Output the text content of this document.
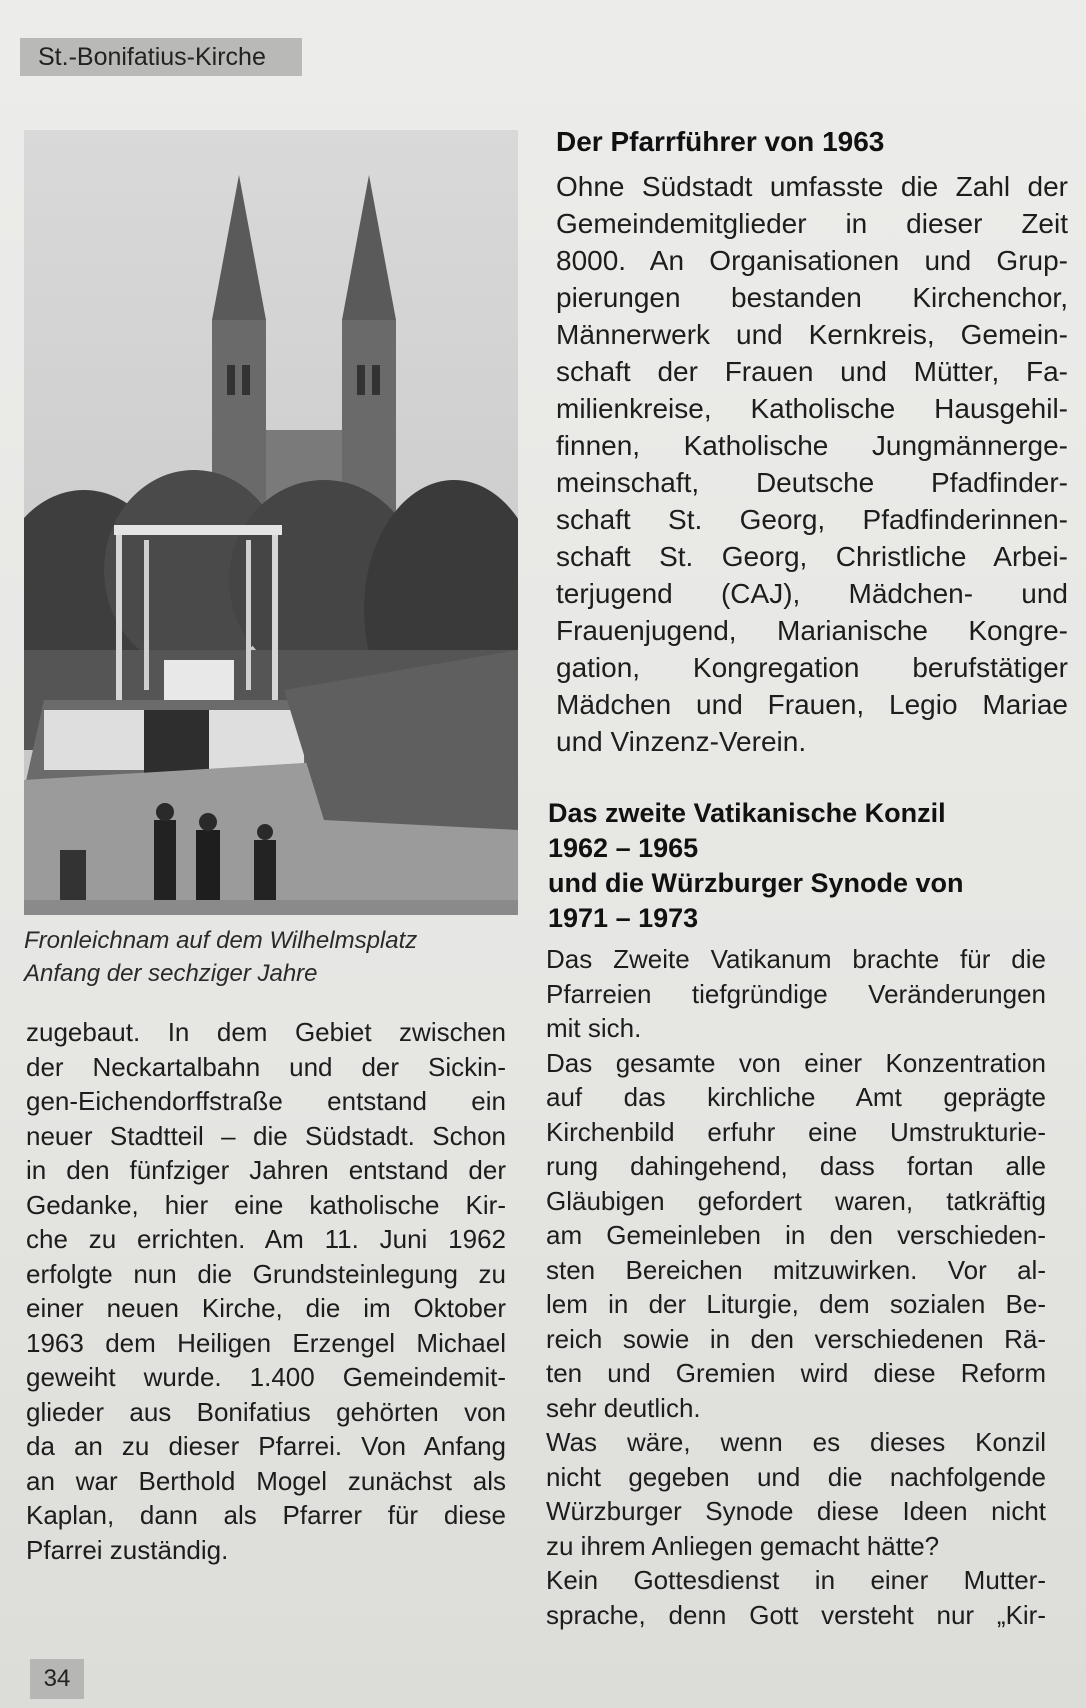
St.-Bonifatius-Kirche
Fronleichnam auf dem Wilhelmsplatz
Anfang der sechziger Jahre
zugebaut. In dem Gebiet zwischen
der Neckartalbahn und der Sickin-
gen-Eichendorffstraße entstand ein
neuer Stadtteil – die Südstadt. Schon
in den fünfziger Jahren entstand der
Gedanke, hier eine katholische Kir-
che zu errichten. Am 11. Juni 1962
erfolgte nun die Grundsteinlegung zu
einer neuen Kirche, die im Oktober
1963 dem Heiligen Erzengel Michael
geweiht wurde. 1.400 Gemeindemit-
glieder aus Bonifatius gehörten von
da an zu dieser Pfarrei. Von Anfang
an war Berthold Mogel zunächst als
Kaplan, dann als Pfarrer für diese
Pfarrei zuständig.
Der Pfarrführer von 1963
Ohne Südstadt umfasste die Zahl der
Gemeindemitglieder in dieser Zeit
8000. An Organisationen und Grup-
pierungen bestanden Kirchenchor,
Männerwerk und Kernkreis, Gemein-
schaft der Frauen und Mütter, Fa-
milienkreise, Katholische Hausgehil-
finnen, Katholische Jungmännerge-
meinschaft, Deutsche Pfadfinder-
schaft St. Georg, Pfadfinderinnen-
schaft St. Georg, Christliche Arbei-
terjugend (CAJ), Mädchen- und
Frauenjugend, Marianische Kongre-
gation, Kongregation berufstätiger
Mädchen und Frauen, Legio Mariae
und Vinzenz-Verein.
Das zweite Vatikanische Konzil
1962 – 1965
und die Würzburger Synode von
1971 – 1973
Das Zweite Vatikanum brachte für die
Pfarreien tiefgründige Veränderungen
mit sich.
Das gesamte von einer Konzentration
auf das kirchliche Amt geprägte
Kirchenbild erfuhr eine Umstrukturie-
rung dahingehend, dass fortan alle
Gläubigen gefordert waren, tatkräftig
am Gemeinleben in den verschieden-
sten Bereichen mitzuwirken. Vor al-
lem in der Liturgie, dem sozialen Be-
reich sowie in den verschiedenen Rä-
ten und Gremien wird diese Reform
sehr deutlich.
Was wäre, wenn es dieses Konzil
nicht gegeben und die nachfolgende
Würzburger Synode diese Ideen nicht
zu ihrem Anliegen gemacht hätte?
Kein Gottesdienst in einer Mutter-
sprache, denn Gott versteht nur „Kir-
34
